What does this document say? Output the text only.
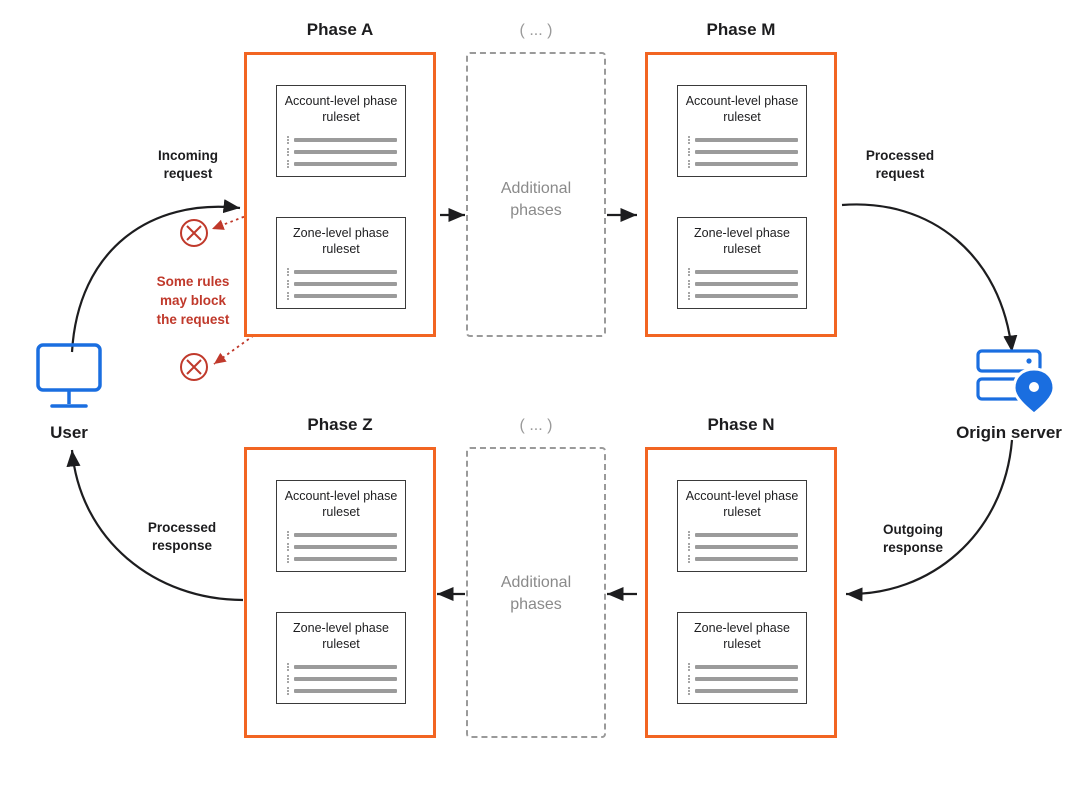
Phase A
Account-level phase ruleset
Zone-level phase ruleset
( ... )
Additional
phases
Phase M
Account-level phase ruleset
Zone-level phase ruleset
Phase Z
Account-level phase ruleset
Zone-level phase ruleset
( ... )
Additional
phases
Phase N
Account-level phase ruleset
Zone-level phase ruleset
Incoming
request
Processed
request
Outgoing
response
Processed
response
Some rules
may block
the request
User	Origin server
